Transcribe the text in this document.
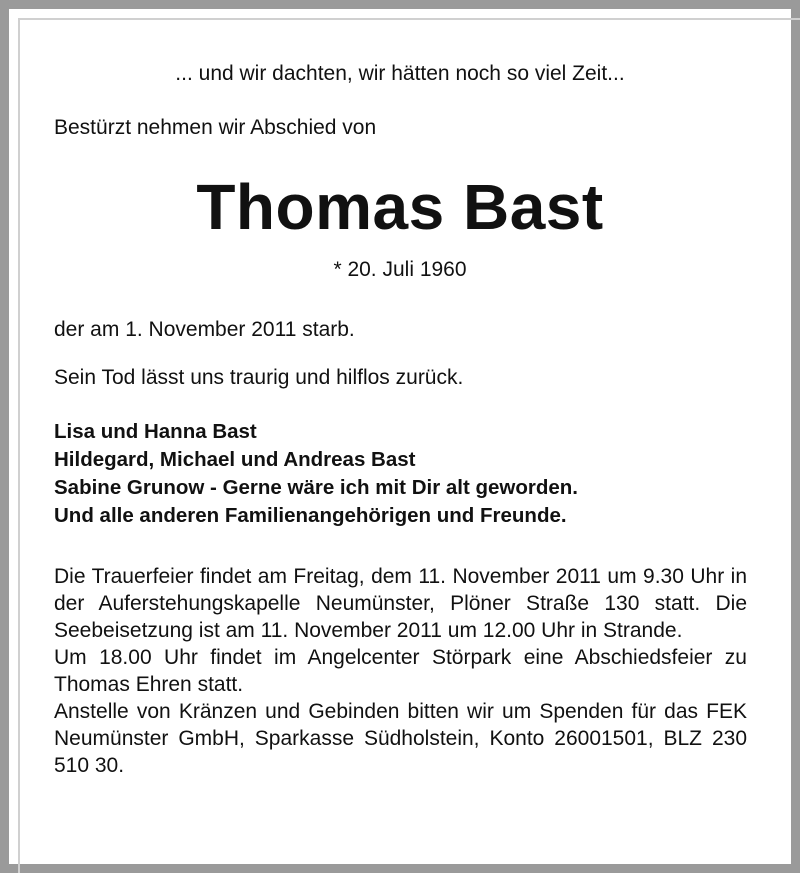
... und wir dachten, wir hätten noch so viel Zeit...
Bestürzt nehmen wir Abschied von
Thomas Bast
* 20. Juli 1960
der am 1. November 2011 starb.
Sein Tod lässt uns traurig und hilflos zurück.
Lisa und Hanna Bast
Hildegard, Michael und Andreas Bast
Sabine Grunow - Gerne wäre ich mit Dir alt geworden.
Und alle anderen Familienangehörigen und Freunde.

Die Trauerfeier findet am Freitag, dem 11. November 2011 um 9.30 Uhr in der Auferstehungskapelle Neumünster, Plöner Straße 130 statt. Die Seebeisetzung ist am 11. November 2011 um 12.00 Uhr in Strande.

Um 18.00 Uhr findet im Angelcenter Störpark eine Abschiedsfeier zu Thomas Ehren statt.

Anstelle von Kränzen und Gebinden bitten wir um Spenden für das FEK Neumünster GmbH, Sparkasse Südholstein, Konto 26001501, BLZ 230 510 30.
